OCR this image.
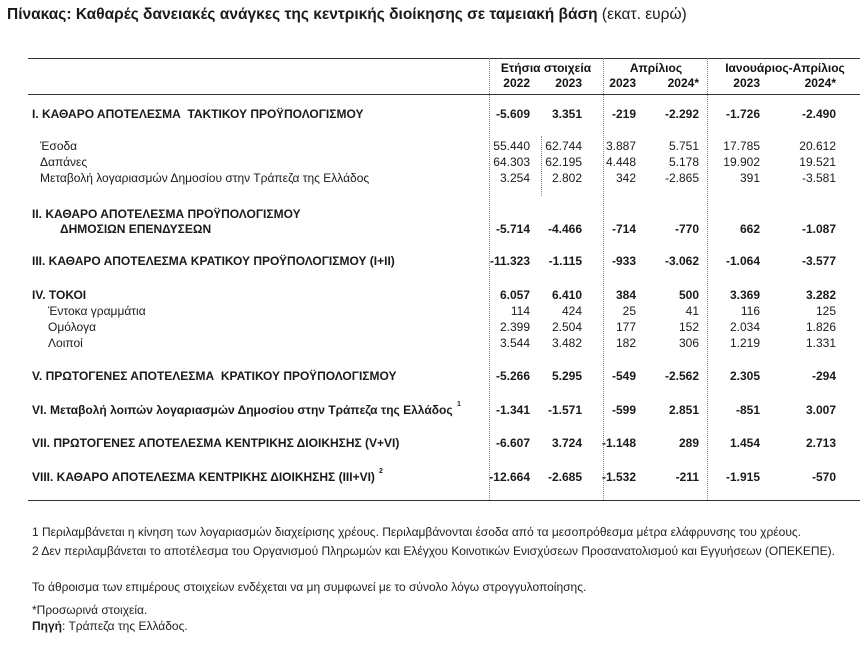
Πίνακας: Καθαρές δανειακές ανάγκες της κεντρικής διοίκησης σε ταμειακή βάση (εκατ. ευρώ)
Ετήσια στοιχεία	Απρίλιος	Ιανουάριος-Απρίλιος
2022	2023	2023	2024*	2023	2024*
I. ΚΑΘΑΡΟ ΑΠΟΤΕΛΕΣΜΑ  ΤΑΚΤΙΚΟΥ ΠΡΟΫΠΟΛΟΓΙΣΜΟΥ	-5.609	3.351	-219	-2.292	-1.726	-2.490
Έσοδα	55.440	62.744	3.887	5.751	17.785	20.612
Δαπάνες	64.303	62.195	4.448	5.178	19.902	19.521
Μεταβολή λογαριασμών Δημοσίου στην Τράπεζα της Ελλάδος	3.254	2.802	342	-2.865	391	-3.581
II. ΚΑΘΑΡΟ ΑΠΟΤΕΛΕΣΜΑ ΠΡΟΫΠΟΛΟΓΙΣΜΟΥ
ΔΗΜΟΣΙΩΝ ΕΠΕΝΔΥΣΕΩΝ	-5.714	-4.466	-714	-770	662	-1.087
III. ΚΑΘΑΡΟ ΑΠΟΤΕΛΕΣΜΑ ΚΡΑΤΙΚΟΥ ΠΡΟΫΠΟΛΟΓΙΣΜΟΥ (I+II)	-11.323	-1.115	-933	-3.062	-1.064	-3.577
IV. ΤΟΚΟΙ	6.057	6.410	384	500	3.369	3.282
Έντοκα γραμμάτια	114	424	25	41	116	125
Ομόλογα	2.399	2.504	177	152	2.034	1.826
Λοιποί	3.544	3.482	182	306	1.219	1.331
V. ΠΡΩΤΟΓΕΝΕΣ ΑΠΟΤΕΛΕΣΜΑ  ΚΡΑΤΙΚΟΥ ΠΡΟΫΠΟΛΟΓΙΣΜΟΥ	-5.266	5.295	-549	-2.562	2.305	-294
VI. Μεταβολή λοιπών λογαριασμών Δημοσίου στην Τράπεζα της Ελλάδος 1	-1.341	-1.571	-599	2.851	-851	3.007
VII. ΠΡΩΤΟΓΕΝΕΣ ΑΠΟΤΕΛΕΣΜΑ ΚΕΝΤΡΙΚΗΣ ΔΙΟΙΚΗΣΗΣ (V+VI)	-6.607	3.724	-1.148	289	1.454	2.713
VIII. ΚΑΘΑΡΟ ΑΠΟΤΕΛΕΣΜΑ ΚΕΝΤΡΙΚΗΣ ΔΙΟΙΚΗΣΗΣ (III+VI) 2	-12.664	-2.685	-1.532	-211	-1.915	-570
1 Περιλαμβάνεται η κίνηση των λογαριασμών διαχείρισης χρέους. Περιλαμβάνονται έσοδα από τα μεσοπρόθεσμα μέτρα ελάφρυνσης του χρέους.
2 Δεν περιλαμβάνεται το αποτέλεσμα του Οργανισμού Πληρωμών και Ελέγχου Κοινοτικών Ενισχύσεων Προσανατολισμού και Εγγυήσεων (ΟΠΕΚΕΠΕ).
Το άθροισμα των επιμέρους στοιχείων ενδέχεται να μη συμφωνεί με το σύνολο λόγω στρογγυλοποίησης.
*Προσωρινά στοιχεία.
Πηγή: Τράπεζα της Ελλάδος.
